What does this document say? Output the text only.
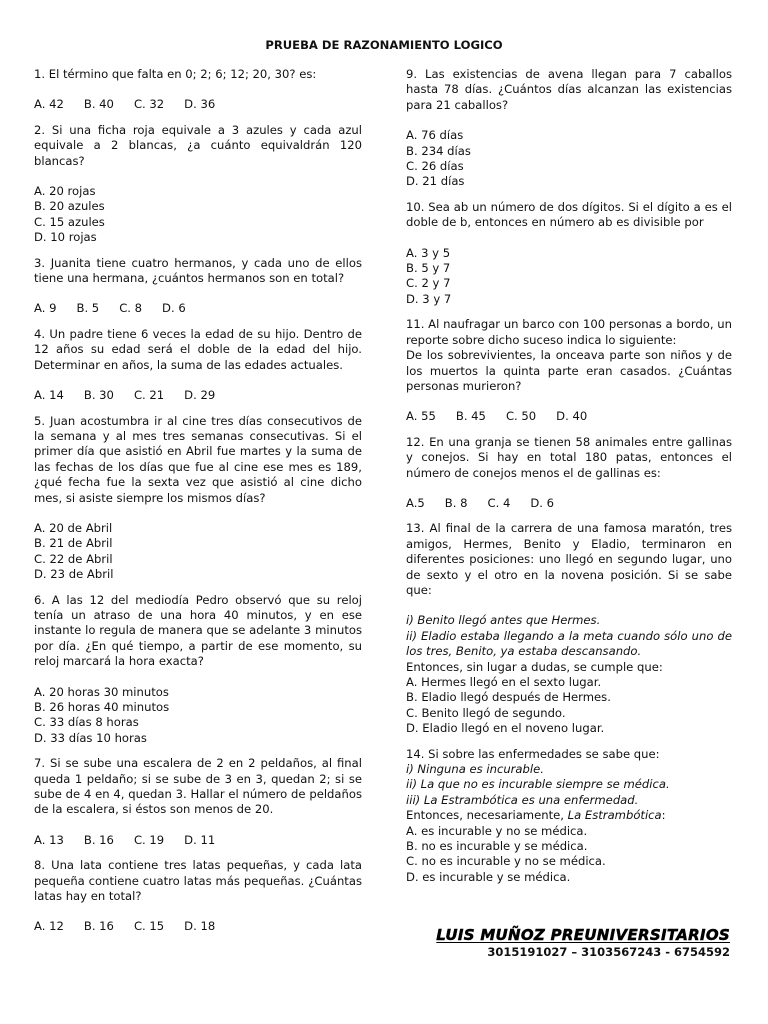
PRUEBA DE RAZONAMIENTO LOGICO
1. El término que falta en 0; 2; 6; 12; 20, 30? es:
A. 42 B. 40 C. 32 D. 36
2. Si una ficha roja equivale a 3 azules y cada azul equivale a 2 blancas, ¿a cuánto equivaldrán 120 blancas?
A. 20 rojas
B. 20 azules
C. 15 azules
D. 10 rojas
3. Juanita tiene cuatro hermanos, y cada uno de ellos tiene una hermana, ¿cuántos hermanos son en total?
A. 9 B. 5 C. 8 D. 6
4. Un padre tiene 6 veces la edad de su hijo. Dentro de 12 años su edad será el doble de la edad del hijo. Determinar en años, la suma de las edades actuales.
A. 14 B. 30 C. 21 D. 29
5. Juan acostumbra ir al cine tres días consecutivos de la semana y al mes tres semanas consecutivas. Si el primer día que asistió en Abril fue martes y la suma de las fechas de los días que fue al cine ese mes es 189, ¿qué fecha fue la sexta vez que asistió al cine dicho mes, si asiste siempre los mismos días?
A. 20 de Abril
B. 21 de Abril
C. 22 de Abril
D. 23 de Abril
6. A las 12 del mediodía Pedro observó que su reloj tenía un atraso de una hora 40 minutos, y en ese instante lo regula de manera que se adelante 3 minutos por día. ¿En qué tiempo, a partir de ese momento, su reloj marcará la hora exacta?
A. 20 horas 30 minutos
B. 26 horas 40 minutos
C. 33 días 8 horas
D. 33 días 10 horas
7. Si se sube una escalera de 2 en 2 peldaños, al final queda 1 peldaño; si se sube de 3 en 3, quedan 2; si se sube de 4 en 4, quedan 3. Hallar el número de peldaños de la escalera, si éstos son menos de 20.
A. 13 B. 16 C. 19 D. 11
8. Una lata contiene tres latas pequeñas, y cada lata pequeña contiene cuatro latas más pequeñas. ¿Cuántas latas hay en total?
A. 12 B. 16 C. 15 D. 18
9. Las existencias de avena llegan para 7 caballos hasta 78 días. ¿Cuántos días alcanzan las existencias para 21 caballos?
A. 76 días
B. 234 días
C. 26 días
D. 21 días
10. Sea ab un número de dos dígitos. Si el dígito a es el doble de b, entonces en número ab es divisible por
A. 3 y 5
B. 5 y 7
C. 2 y 7
D. 3 y 7
11. Al naufragar un barco con 100 personas a bordo, un reporte sobre dicho suceso indica lo siguiente:
De los sobrevivientes, la onceava parte son niños y de los muertos la quinta parte eran casados. ¿Cuántas personas murieron?
A. 55 B. 45 C. 50 D. 40
12. En una granja se tienen 58 animales entre gallinas y conejos. Si hay en total 180 patas, entonces el número de conejos menos el de gallinas es:
A.5 B. 8 C. 4 D. 6
13. Al final de la carrera de una famosa maratón, tres amigos, Hermes, Benito y Eladio, terminaron en diferentes posiciones: uno llegó en segundo lugar, uno de sexto y el otro en la novena posición. Si se sabe que:
i) Benito llegó antes que Hermes.
ii) Eladio estaba llegando a la meta cuando sólo uno de los tres, Benito, ya estaba descansando.
Entonces, sin lugar a dudas, se cumple que:
A. Hermes llegó en el sexto lugar.
B. Eladio llegó después de Hermes.
C. Benito llegó de segundo.
D. Eladio llegó en el noveno lugar.
14. Si sobre las enfermedades se sabe que:
i) Ninguna es incurable.
ii) La que no es incurable siempre se médica.
iii) La Estrambótica es una enfermedad.
Entonces, necesariamente, La Estrambótica:
A. es incurable y no se médica.
B. no es incurable y se médica.
C. no es incurable y no se médica.
D. es incurable y se médica.
LUIS MUÑOZ PREUNIVERSITARIOS
3015191027 – 3103567243 - 6754592
